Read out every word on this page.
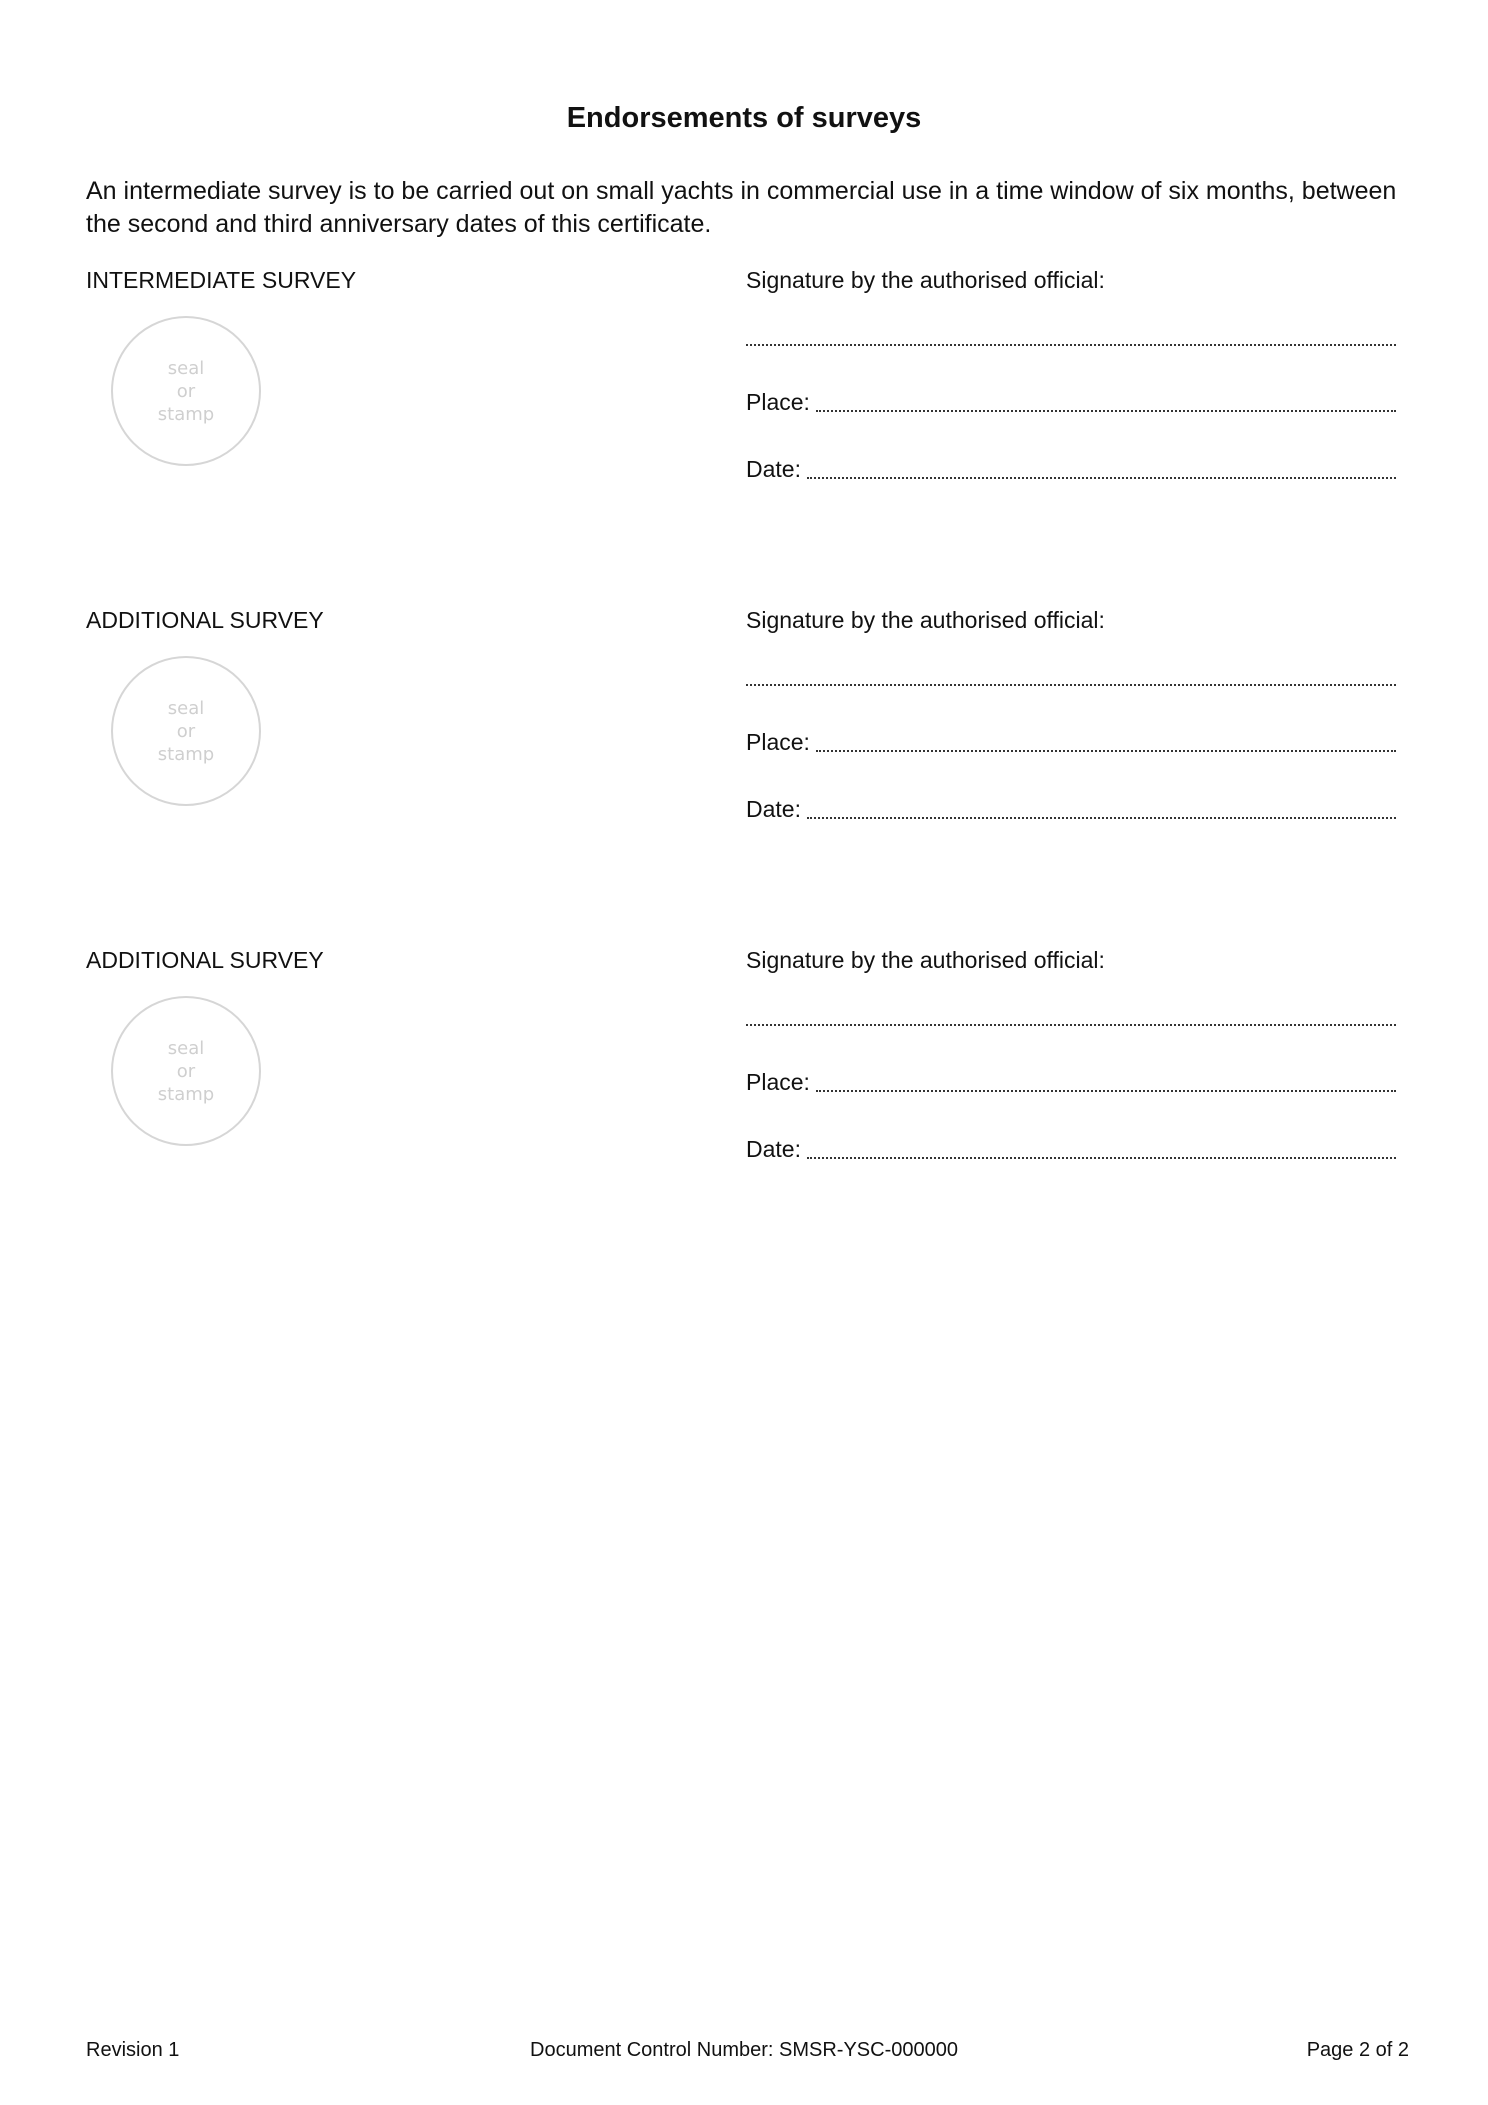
Endorsements of surveys
An intermediate survey is to be carried out on small yachts in commercial use in a time window of six months, between the second and third anniversary dates of this certificate.
INTERMEDIATE SURVEY
seal
or
stamp
Signature by the authorised official:
Place:
Date:
ADDITIONAL SURVEY
seal
or
stamp
Signature by the authorised official:
Place:
Date:
ADDITIONAL SURVEY
seal
or
stamp
Signature by the authorised official:
Place:
Date:
Revision 1	Document Control Number: SMSR-YSC-000000	Page 2 of 2
